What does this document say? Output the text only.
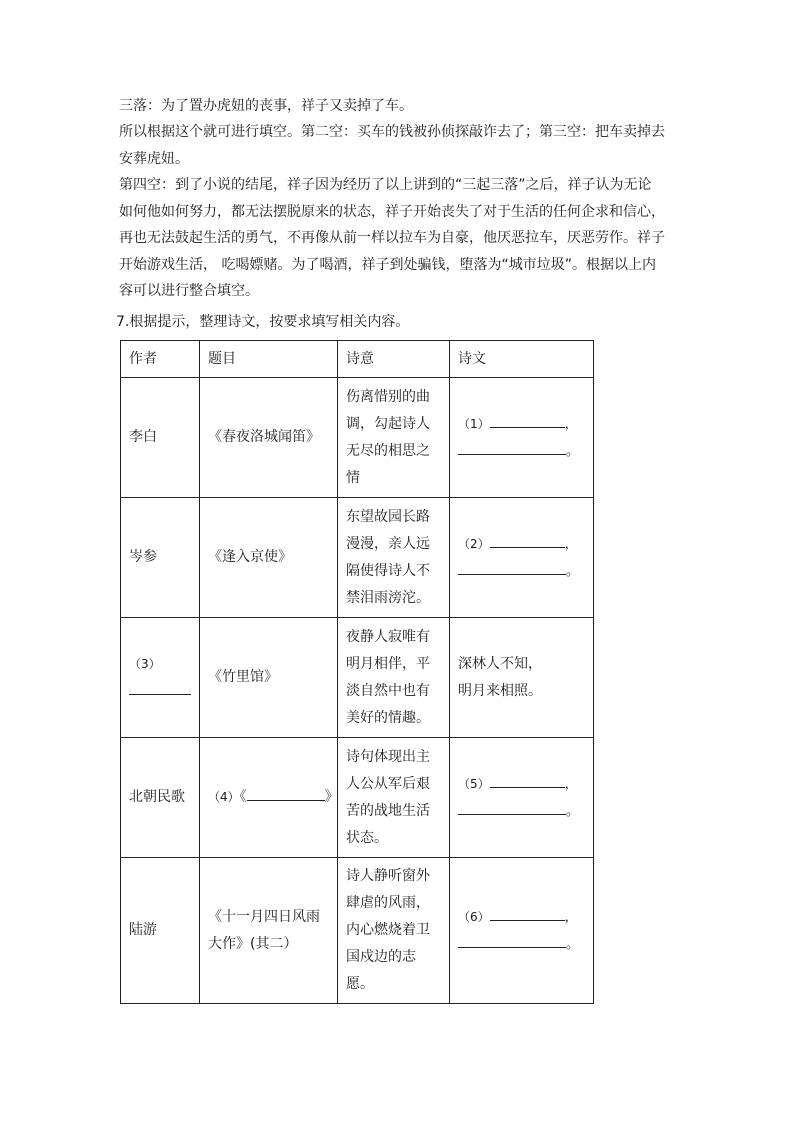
三落：为了置办虎妞的丧事，祥子又卖掉了车。
所以根据这个就可进行填空。第二空：买车的钱被孙侦探敲诈去了；第三空：把车卖掉去
安葬虎妞。
第四空：到了小说的结尾，祥子因为经历了以上讲到的“三起三落”之后，祥子认为无论
如何他如何努力，都无法摆脱原来的状态，祥子开始丧失了对于生活的任何企求和信心，
再也无法鼓起生活的勇气，不再像从前一样以拉车为自豪，他厌恶拉车，厌恶劳作。祥子
开始游戏生活， 吃喝嫖赌。为了喝酒，祥子到处骗钱，堕落为“城市垃圾”。根据以上内
容可以进行整合填空。
7.根据提示，整理诗文，按要求填写相关内容。
作者	题目	诗意	诗文
李白	《春夜洛城闻笛》	伤离惜别的曲
调，勾起诗人
无尽的相思之
情	（1） ，
。

岑参	《逢入京使》	东望故园长路
漫漫，亲人远
隔使得诗人不
禁泪雨滂沱。	（2） ，
。

（3）	《竹里馆》	夜静人寂唯有
明月相伴，平
淡自然中也有
美好的情趣。	深林人不知，
明月来相照。

北朝民歌	（4）《 》	诗句体现出主
人公从军后艰
苦的战地生活
状态。	（5） ，
。

陆游	《十一月四日风雨
大作》(其二）	诗人静听窗外
肆虐的风雨，
内心燃烧着卫
国戍边的志
愿。	（6） ，
。
